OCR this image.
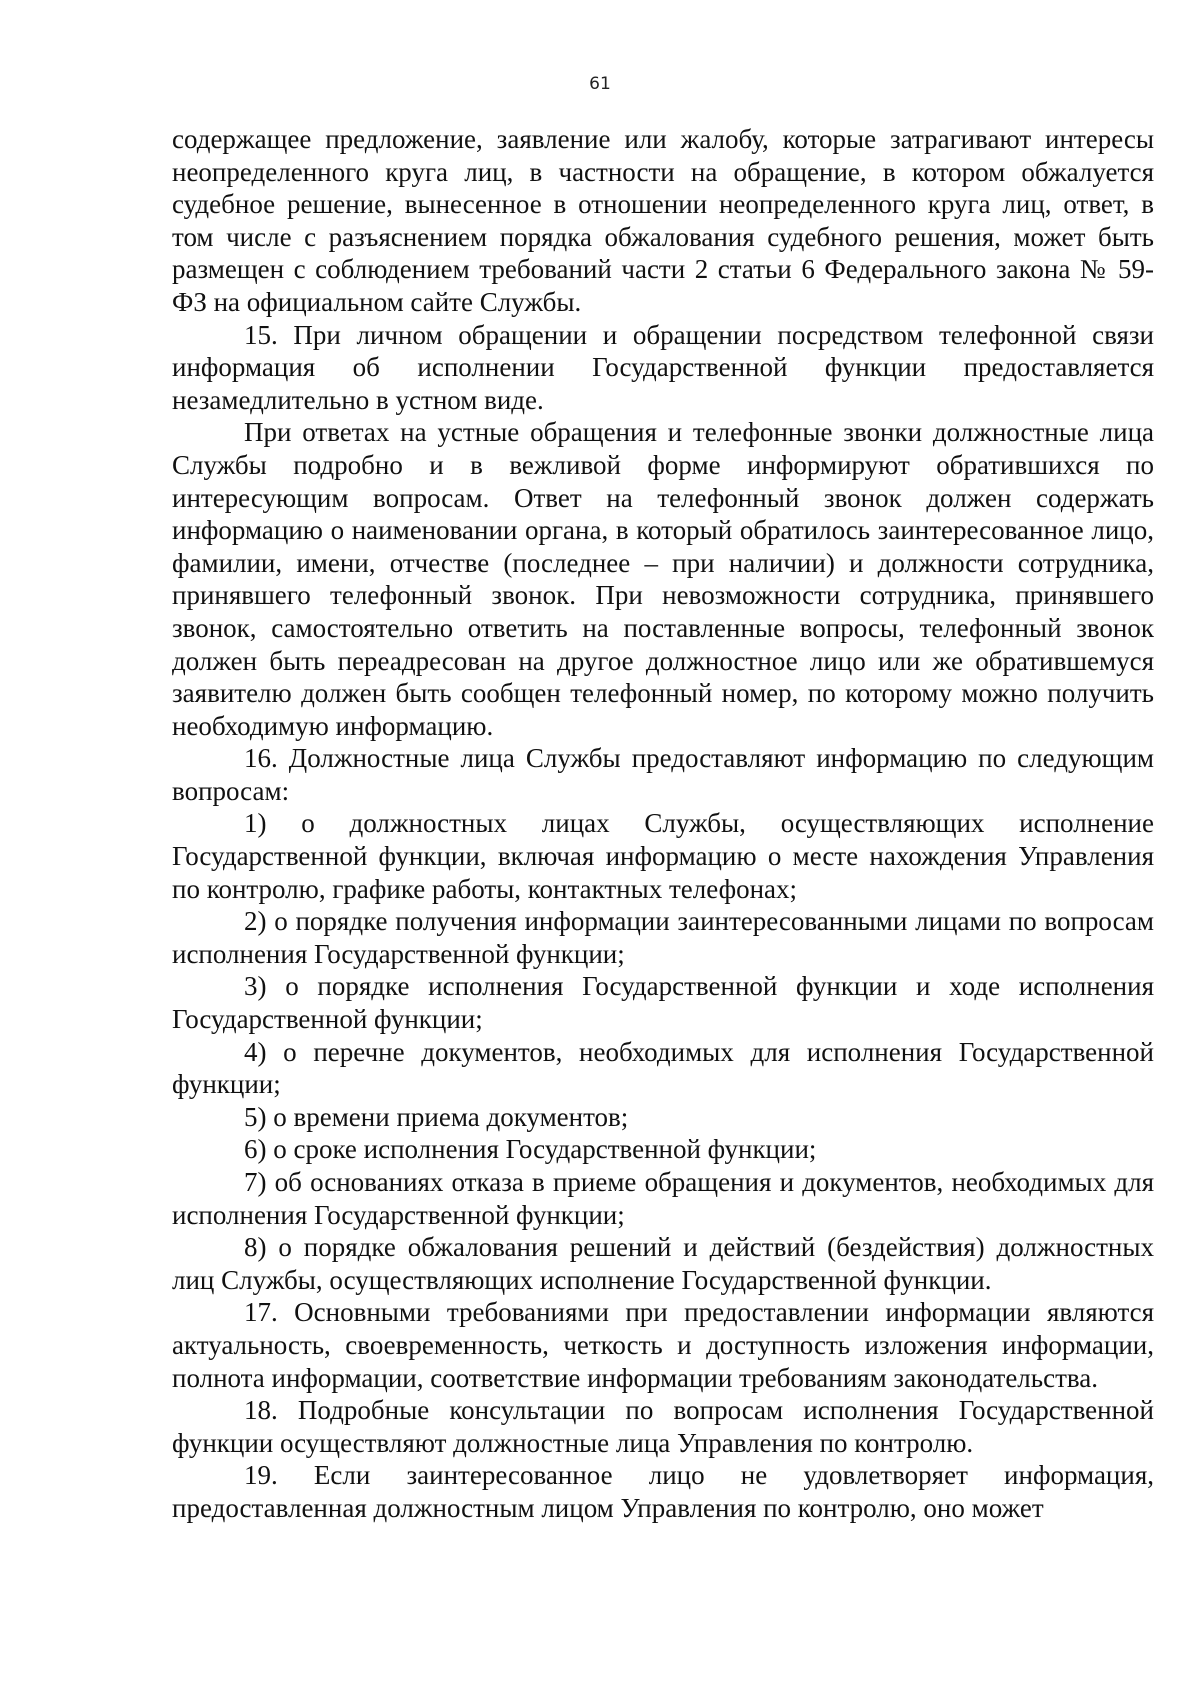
61

содержащее предложение, заявление или жалобу, которые затрагивают интересы неопределенного круга лиц, в частности на обращение, в котором обжалуется судебное решение, вынесенное в отношении неопределенного круга лиц, ответ, в том числе с разъяснением порядка обжалования судебного решения, может быть размещен с соблюдением требований части 2 статьи 6 Федерального закона № 59-ФЗ на официальном сайте Службы.

15. При личном обращении и обращении посредством телефонной связи информация об исполнении Государственной функции предоставляется незамедлительно в устном виде.

При ответах на устные обращения и телефонные звонки должностные лица Службы подробно и в вежливой форме информируют обратившихся по интересующим вопросам. Ответ на телефонный звонок должен содержать информацию о наименовании органа, в который обратилось заинтересованное лицо, фамилии, имени, отчестве (последнее – при наличии) и должности сотрудника, принявшего телефонный звонок. При невозможности сотрудника, принявшего звонок, самостоятельно ответить на поставленные вопросы, телефонный звонок должен быть переадресован на другое должностное лицо или же обратившемуся заявителю должен быть сообщен телефонный номер, по которому можно получить необходимую информацию.

16. Должностные лица Службы предоставляют информацию по следующим вопросам:

1) о должностных лицах Службы, осуществляющих исполнение Государственной функции, включая информацию о месте нахождения Управления по контролю, графике работы, контактных телефонах;

2) о порядке получения информации заинтересованными лицами по вопросам исполнения Государственной функции;

3) о порядке исполнения Государственной функции и ходе исполнения Государственной функции;

4) о перечне документов, необходимых для исполнения Государственной функции;

5) о времени приема документов;

6) о сроке исполнения Государственной функции;

7) об основаниях отказа в приеме обращения и документов, необходимых для исполнения Государственной функции;

8) о порядке обжалования решений и действий (бездействия) должностных лиц Службы, осуществляющих исполнение Государственной функции.

17. Основными требованиями при предоставлении информации являются актуальность, своевременность, четкость и доступность изложения информации, полнота информации, соответствие информации требованиям законодательства.

18. Подробные консультации по вопросам исполнения Государственной функции осуществляют должностные лица Управления по контролю.

19. Если заинтересованное лицо не удовлетворяет информация, предоставленная должностным лицом Управления по контролю, оно может
